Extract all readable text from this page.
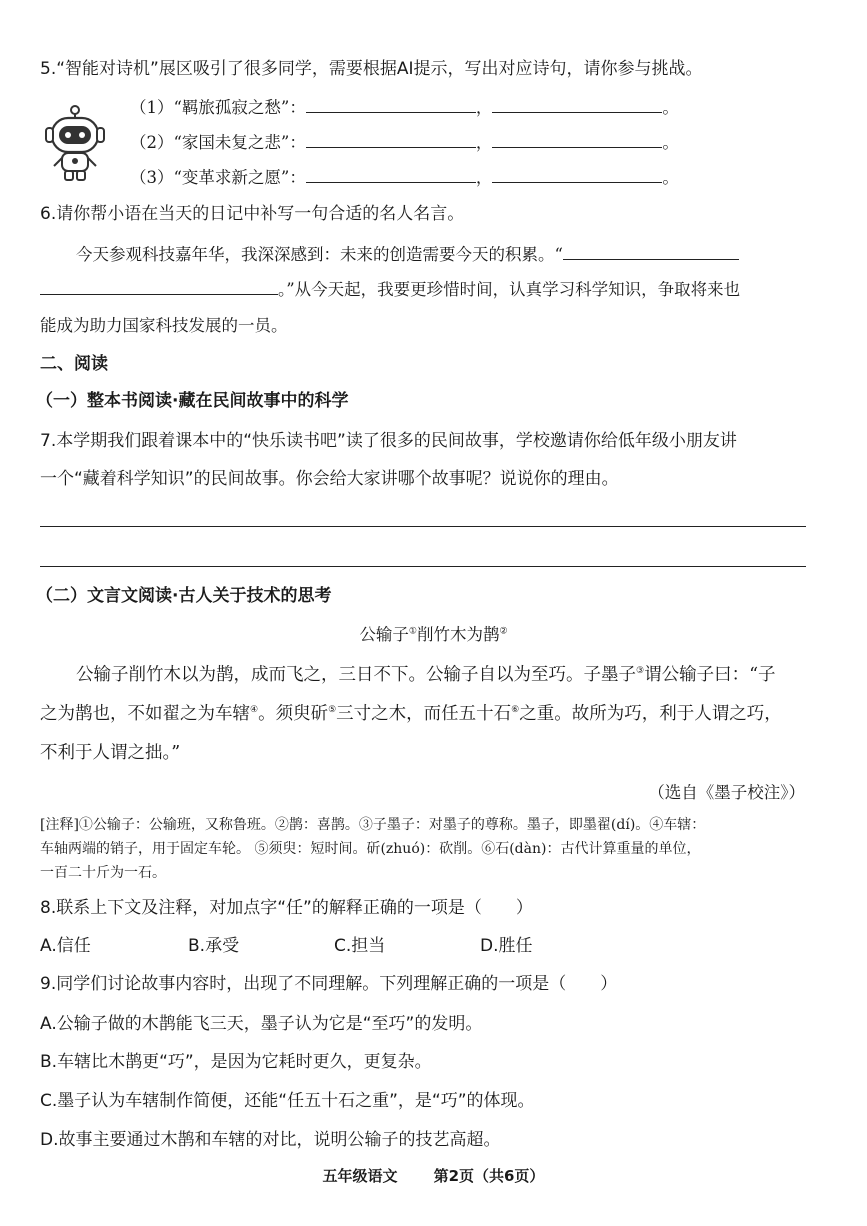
5.“智能对诗机”展区吸引了很多同学，需要根据AI提示，写出对应诗句，请你参与挑战。
（1）“羁旅孤寂之愁”：	，	。
（2）“家国未复之悲”：	，	。
（3）“变革求新之愿”：	，	。
6.请你帮小语在当天的日记中补写一句合适的名人名言。
今天参观科技嘉年华，我深深感到：未来的创造需要今天的积累。“
。”从今天起，我要更珍惜时间，认真学习科学知识，争取将来也
能成为助力国家科技发展的一员。
二、阅读
（一）整本书阅读·藏在民间故事中的科学
7.本学期我们跟着课本中的“快乐读书吧”读了很多的民间故事，学校邀请你给低年级小朋友讲
一个“藏着科学知识”的民间故事。你会给大家讲哪个故事呢？说说你的理由。
（二）文言文阅读·古人关于技术的思考
公输子①削竹木为鹊②
公输子削竹木以为鹊，成而飞之，三日不下。公输子自以为至巧。子墨子③谓公输子曰：“子
之为鹊也，不如翟之为车辖④。须臾斫⑤三寸之木，而任五十石⑥之重。故所为巧，利于人谓之巧，
不利于人谓之拙。”
（选自《墨子校注》）
[注释]①公输子：公输班，又称鲁班。②鹊：喜鹊。③子墨子：对墨子的尊称。墨子，即墨翟(dí)。④车辖：
车轴两端的销子，用于固定车轮。 ⑤须臾：短时间。斫(zhuó)：砍削。⑥石(dàn)：古代计算重量的单位，
一百二十斤为一石。
8.联系上下文及注释，对加点字“任”的解释正确的一项是（　　）
A.信任	B.承受	C.担当	D.胜任
9.同学们讨论故事内容时，出现了不同理解。下列理解正确的一项是（　　）
A.公输子做的木鹊能飞三天，墨子认为它是“至巧”的发明。
B.车辖比木鹊更“巧”，是因为它耗时更久，更复杂。
C.墨子认为车辖制作简便，还能“任五十石之重”，是“巧”的体现。
D.故事主要通过木鹊和车辖的对比，说明公输子的技艺高超。
五年级语文 第2页（共6页）
